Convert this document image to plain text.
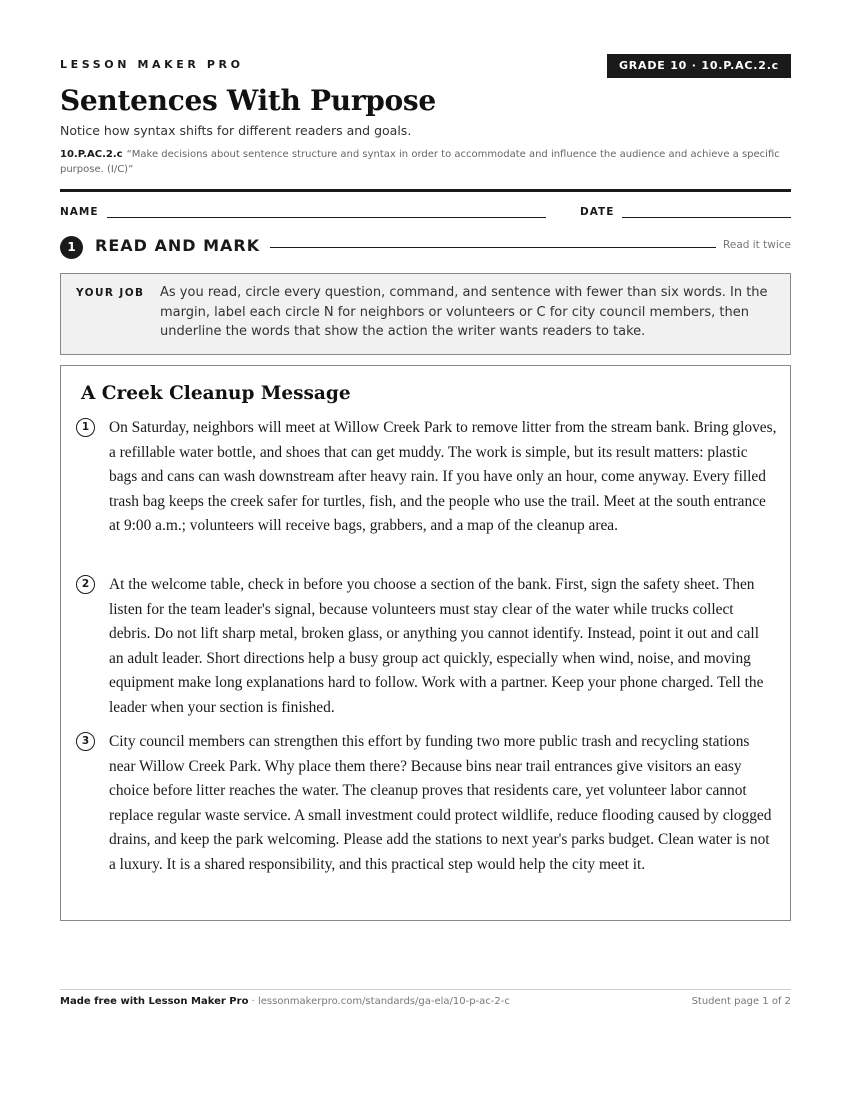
LESSON MAKER PRO	GRADE 10 · 10.P.AC.2.c
Sentences With Purpose
Notice how syntax shifts for different readers and goals.
10.P.AC.2.c “Make decisions about sentence structure and syntax in order to accommodate and influence the audience and achieve a specific purpose. (I/C)”
NAME	DATE
1	READ AND MARK	Read it twice
YOUR JOB As you read, circle every question, command, and sentence with fewer than six words. In the margin, label each circle N for neighbors or volunteers or C for city council members, then underline the words that show the action the writer wants readers to take.
A Creek Cleanup Message
1	On Saturday, neighbors will meet at Willow Creek Park to remove litter from the stream bank. Bring gloves, a refillable water bottle, and shoes that can get muddy. The work is simple, but its result matters: plastic bags and cans can wash downstream after heavy rain. If you have only an hour, come anyway. Every filled trash bag keeps the creek safer for turtles, fish, and the people who use the trail. Meet at the south entrance at 9:00 a.m.; volunteers will receive bags, grabbers, and a map of the cleanup area.
2	At the welcome table, check in before you choose a section of the bank. First, sign the safety sheet. Then listen for the team leader's signal, because volunteers must stay clear of the water while trucks collect debris. Do not lift sharp metal, broken glass, or anything you cannot identify. Instead, point it out and call an adult leader. Short directions help a busy group act quickly, especially when wind, noise, and moving equipment make long explanations hard to follow. Work with a partner. Keep your phone charged. Tell the leader when your section is finished.
3	City council members can strengthen this effort by funding two more public trash and recycling stations near Willow Creek Park. Why place them there? Because bins near trail entrances give visitors an easy choice before litter reaches the water. The cleanup proves that residents care, yet volunteer labor cannot replace regular waste service. A small investment could protect wildlife, reduce flooding caused by clogged drains, and keep the park welcoming. Please add the stations to next year's parks budget. Clean water is not a luxury. It is a shared responsibility, and this practical step would help the city meet it.
Made free with Lesson Maker Pro · lessonmakerpro.com/standards/ga-ela/10-p-ac-2-c	Student page 1 of 2
